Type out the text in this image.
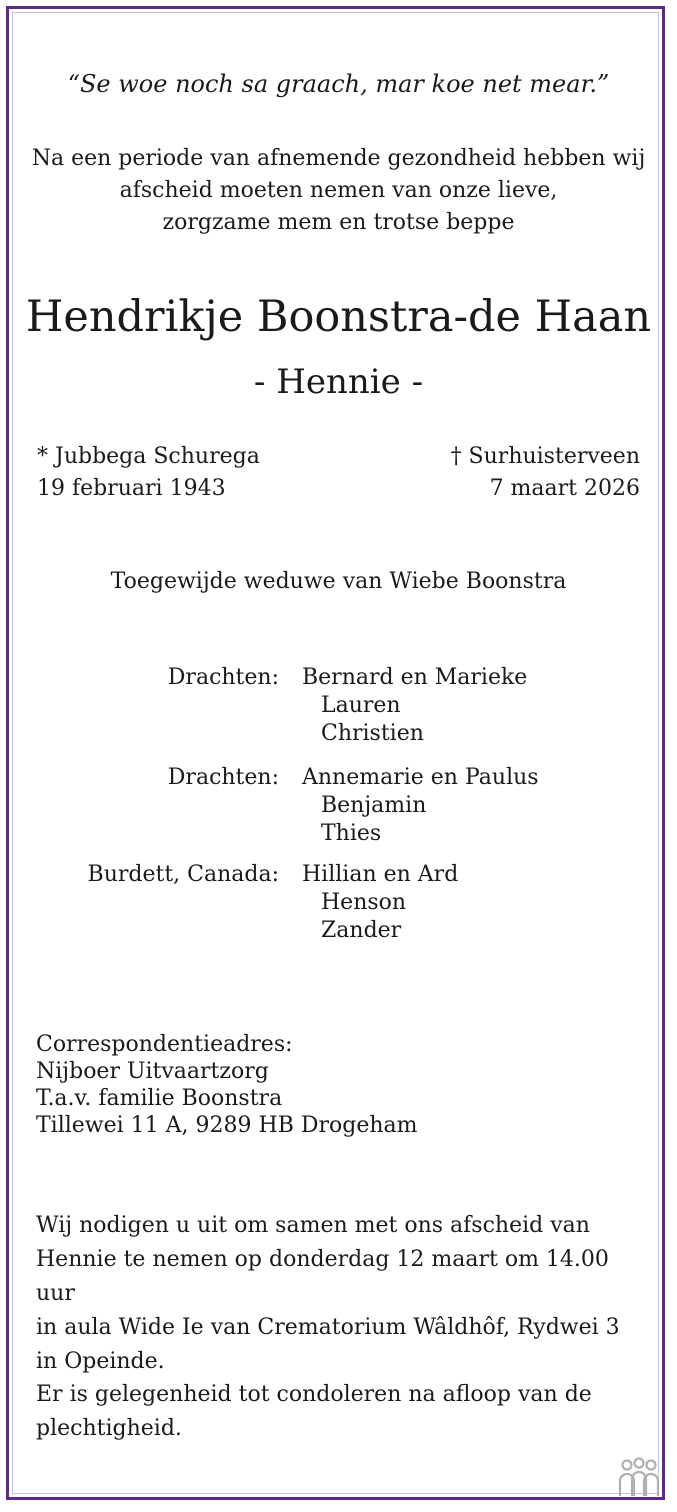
“Se woe noch sa graach, mar koe net mear.”
Na een periode van afnemende gezondheid hebben wij
afscheid moeten nemen van onze lieve,
zorgzame mem en trotse beppe
Hendrikje Boonstra-de Haan
- Hennie -
* Jubbega Schurega
19 februari 1943
† Surhuisterveen
7 maart 2026
Toegewijde weduwe van Wiebe Boonstra
Drachten: Bernard en Marieke
Lauren
Christien
Drachten: Annemarie en Paulus
Benjamin
Thies
Burdett, Canada: Hillian en Ard
Henson
Zander
Correspondentieadres:
Nijboer Uitvaartzorg
T.a.v. familie Boonstra
Tillewei 11 A, 9289 HB Drogeham
Wij nodigen u uit om samen met ons afscheid van
Hennie te nemen op donderdag 12 maart om 14.00 uur
in aula Wide Ie van Crematorium Wâldhôf, Rydwei 3
in Opeinde.
Er is gelegenheid tot condoleren na afloop van de
plechtigheid.
